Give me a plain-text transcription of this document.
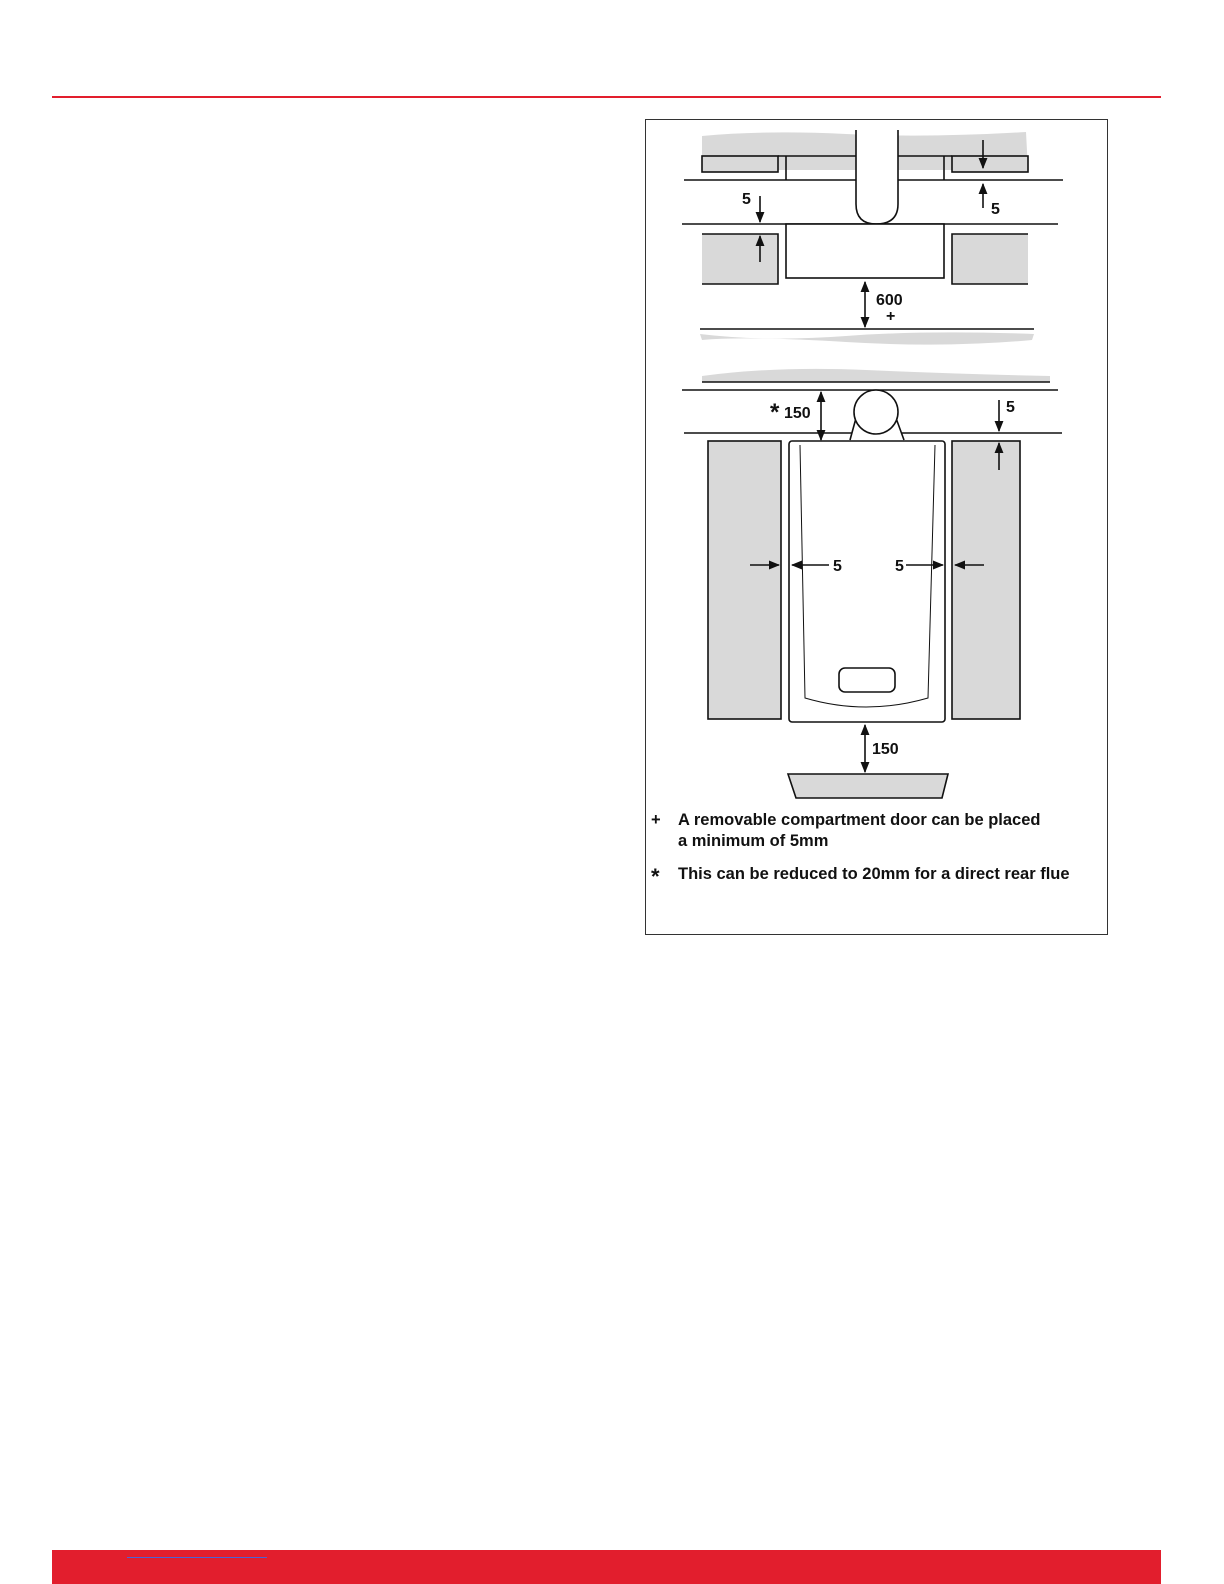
5
5
600
+
* 150	5
5	5
150
+	A removable compartment door can be placed
a minimum of 5mm
*	This can be reduced to 20mm for a direct rear flue
